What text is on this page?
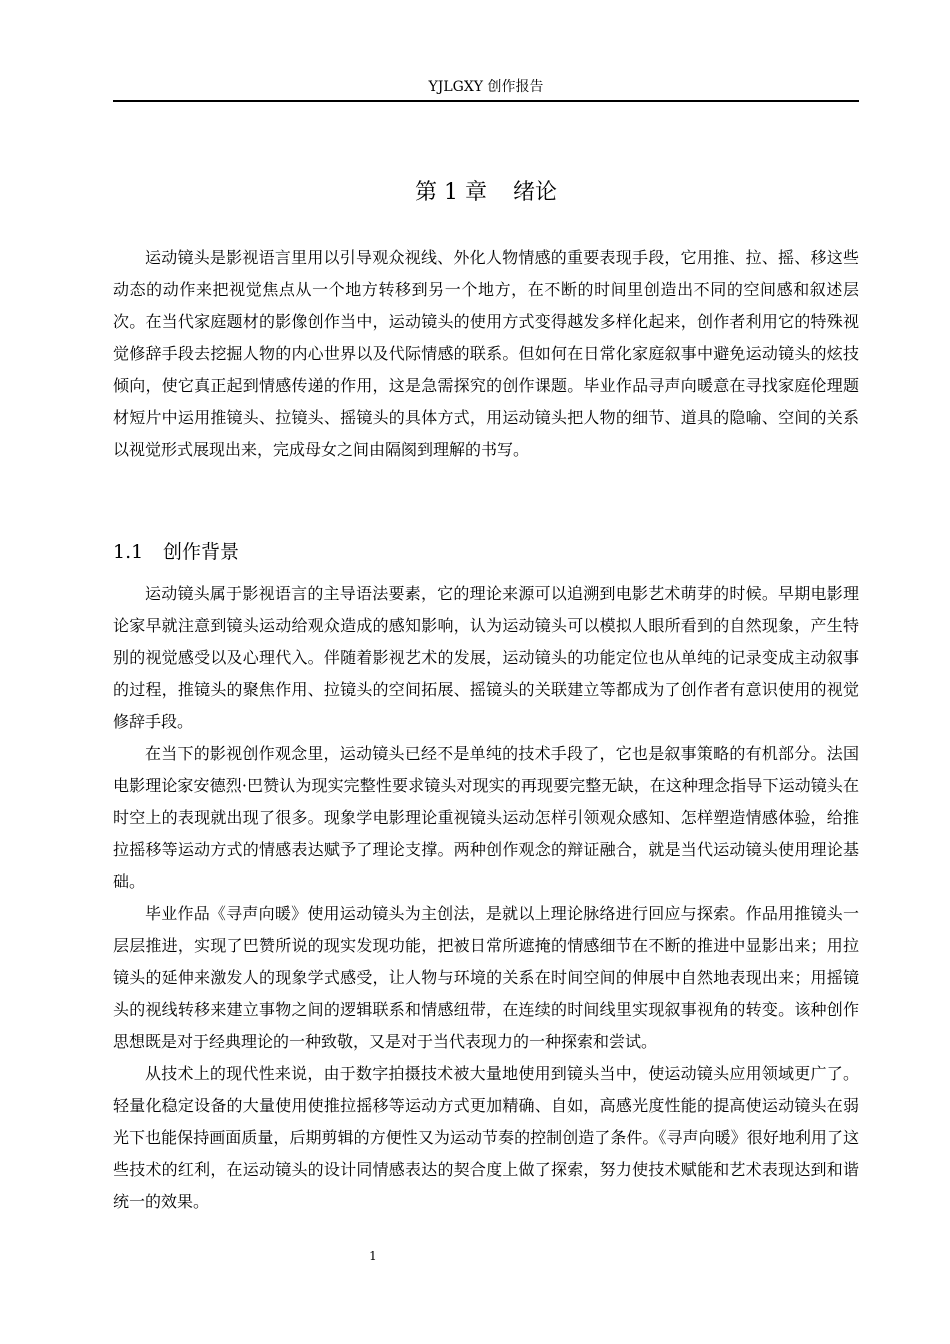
YJLGXY 创作报告
第 1 章 绪论

运动镜头是影视语言里用以引导观众视线、外化人物情感的重要表现手段，它用推、拉、摇、移这些动态的动作来把视觉焦点从一个地方转移到另一个地方，在不断的时间里创造出不同的空间感和叙述层次。在当代家庭题材的影像创作当中，运动镜头的使用方式变得越发多样化起来，创作者利用它的特殊视觉修辞手段去挖掘人物的内心世界以及代际情感的联系。但如何在日常化家庭叙事中避免运动镜头的炫技倾向，使它真正起到情感传递的作用，这是急需探究的创作课题。毕业作品寻声向暖意在寻找家庭伦理题材短片中运用推镜头、拉镜头、摇镜头的具体方式，用运动镜头把人物的细节、道具的隐喻、空间的关系以视觉形式展现出来，完成母女之间由隔阂到理解的书写。

1.1 创作背景

运动镜头属于影视语言的主导语法要素，它的理论来源可以追溯到电影艺术萌芽的时候。早期电影理论家早就注意到镜头运动给观众造成的感知影响，认为运动镜头可以模拟人眼所看到的自然现象，产生特别的视觉感受以及心理代入。伴随着影视艺术的发展，运动镜头的功能定位也从单纯的记录变成主动叙事的过程，推镜头的聚焦作用、拉镜头的空间拓展、摇镜头的关联建立等都成为了创作者有意识使用的视觉修辞手段。

在当下的影视创作观念里，运动镜头已经不是单纯的技术手段了，它也是叙事策略的有机部分。法国电影理论家安德烈·巴赞认为现实完整性要求镜头对现实的再现要完整无缺，在这种理念指导下运动镜头在时空上的表现就出现了很多。现象学电影理论重视镜头运动怎样引领观众感知、怎样塑造情感体验，给推拉摇移等运动方式的情感表达赋予了理论支撑。两种创作观念的辩证融合，就是当代运动镜头使用理论基础。

毕业作品《寻声向暖》使用运动镜头为主创法，是就以上理论脉络进行回应与探索。作品用推镜头一层层推进，实现了巴赞所说的现实发现功能，把被日常所遮掩的情感细节在不断的推进中显影出来；用拉镜头的延伸来激发人的现象学式感受，让人物与环境的关系在时间空间的伸展中自然地表现出来；用摇镜头的视线转移来建立事物之间的逻辑联系和情感纽带，在连续的时间线里实现叙事视角的转变。该种创作思想既是对于经典理论的一种致敬，又是对于当代表现力的一种探索和尝试。

从技术上的现代性来说，由于数字拍摄技术被大量地使用到镜头当中，使运动镜头应用领域更广了。轻量化稳定设备的大量使用使推拉摇移等运动方式更加精确、自如，高感光度性能的提高使运动镜头在弱光下也能保持画面质量，后期剪辑的方便性又为运动节奏的控制创造了条件。《寻声向暖》很好地利用了这些技术的红利，在运动镜头的设计同情感表达的契合度上做了探索，努力使技术赋能和艺术表现达到和谐统一的效果。

1
